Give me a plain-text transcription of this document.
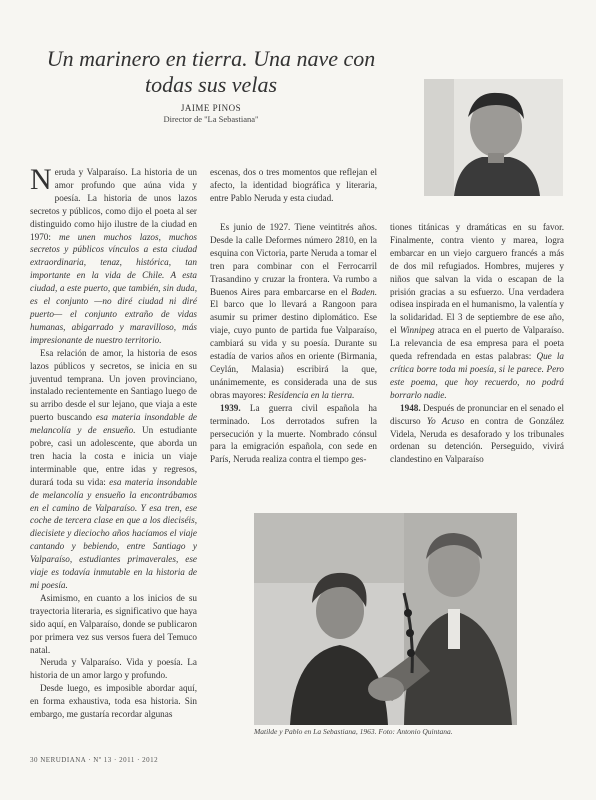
Un marinero en tierra. Una nave con todas sus velas
JAIME PINOS
Director de "La Sebastiana"

Neruda y Valparaíso. La historia de un amor profundo que aúna vida y poesía. La historia de unos lazos secretos y públicos, como dijo el poeta al ser distinguido como hijo ilustre de la ciudad en 1970: me unen muchos lazos, muchos secretos y públicos vínculos a esta ciudad extraordinaria, tenaz, histórica, tan importante en la vida de Chile. A esta ciudad, a este puerto, que también, sin duda, es el conjunto —no diré ciudad ni diré puerto— el conjunto extraño de vidas humanas, abigarrado y maravilloso, más impresionante de nuestro territorio.

Esa relación de amor, la historia de esos lazos públicos y secretos, se inicia en su juventud temprana. Un joven provinciano, instalado recientemente en Santiago luego de su arribo desde el sur lejano, que viaja a este puerto buscando esa materia insondable de melancolía y de ensueño. Un estudiante pobre, casi un adolescente, que aborda un tren hacia la costa e inicia un viaje interminable que, entre idas y regresos, durará toda su vida: esa materia insondable de melancolía y ensueño la encontrábamos en el camino de Valparaíso. Y esa tren, ese coche de tercera clase en que a los dieciséis, diecisiete y dieciocho años hacíamos el viaje cantando y bebiendo, entre Santiago y Valparaíso, estudiantes primaverales, ese viaje es todavía inmutable en la historia de mi poesía.

Asimismo, en cuanto a los inicios de su trayectoria literaria, es significativo que haya sido aquí, en Valparaíso, donde se publicaron por primera vez sus versos fuera del Temuco natal.

Neruda y Valparaíso. Vida y poesía. La historia de un amor largo y profundo.

Desde luego, es imposible abordar aquí, en forma exhaustiva, toda esa historia. Sin embargo, me gustaría recordar algunas

escenas, dos o tres momentos que reflejan el afecto, la identidad biográfica y literaria, entre Pablo Neruda y esta ciudad.

Es junio de 1927. Tiene veintitrés años. Desde la calle Deformes número 2810, en la esquina con Victoria, parte Neruda a tomar el tren para combinar con el Ferrocarril Trasandino y cruzar la frontera. Va rumbo a Buenos Aires para embarcarse en el Baden. El barco que lo llevará a Rangoon para asumir su primer destino diplomático. Ese viaje, cuyo punto de partida fue Valparaíso, cambiará su vida y su poesía. Durante su estadía de varios años en oriente (Birmania, Ceylán, Malasia) escribirá la que, unánimemente, es considerada una de sus obras mayores: Residencia en la tierra.

1939. La guerra civil española ha terminado. Los derrotados sufren la persecución y la muerte. Nombrado cónsul para la emigración española, con sede en París, Neruda realiza contra el tiempo ges-

tiones titánicas y dramáticas en su favor. Finalmente, contra viento y marea, logra embarcar en un viejo carguero francés a más de dos mil refugiados. Hombres, mujeres y niños que salvan la vida o escapan de la prisión gracias a su esfuerzo. Una verdadera odisea inspirada en el humanismo, la valentía y la solidaridad. El 3 de septiembre de ese año, el Winnipeg atraca en el puerto de Valparaíso. La relevancia de esa empresa para el poeta queda refrendada en estas palabras: Que la crítica borre toda mi poesía, si le parece. Pero este poema, que hoy recuerdo, no podrá borrarlo nadie.

1948. Después de pronunciar en el senado el discurso Yo Acuso en contra de González Videla, Neruda es desaforado y los tribunales ordenan su detención. Perseguido, vivirá clandestino en Valparaíso

Matilde y Pablo en La Sebastiana, 1963. Foto: Antonio Quintana.
30 NERUDIANA · Nº 13 · 2011 · 2012
